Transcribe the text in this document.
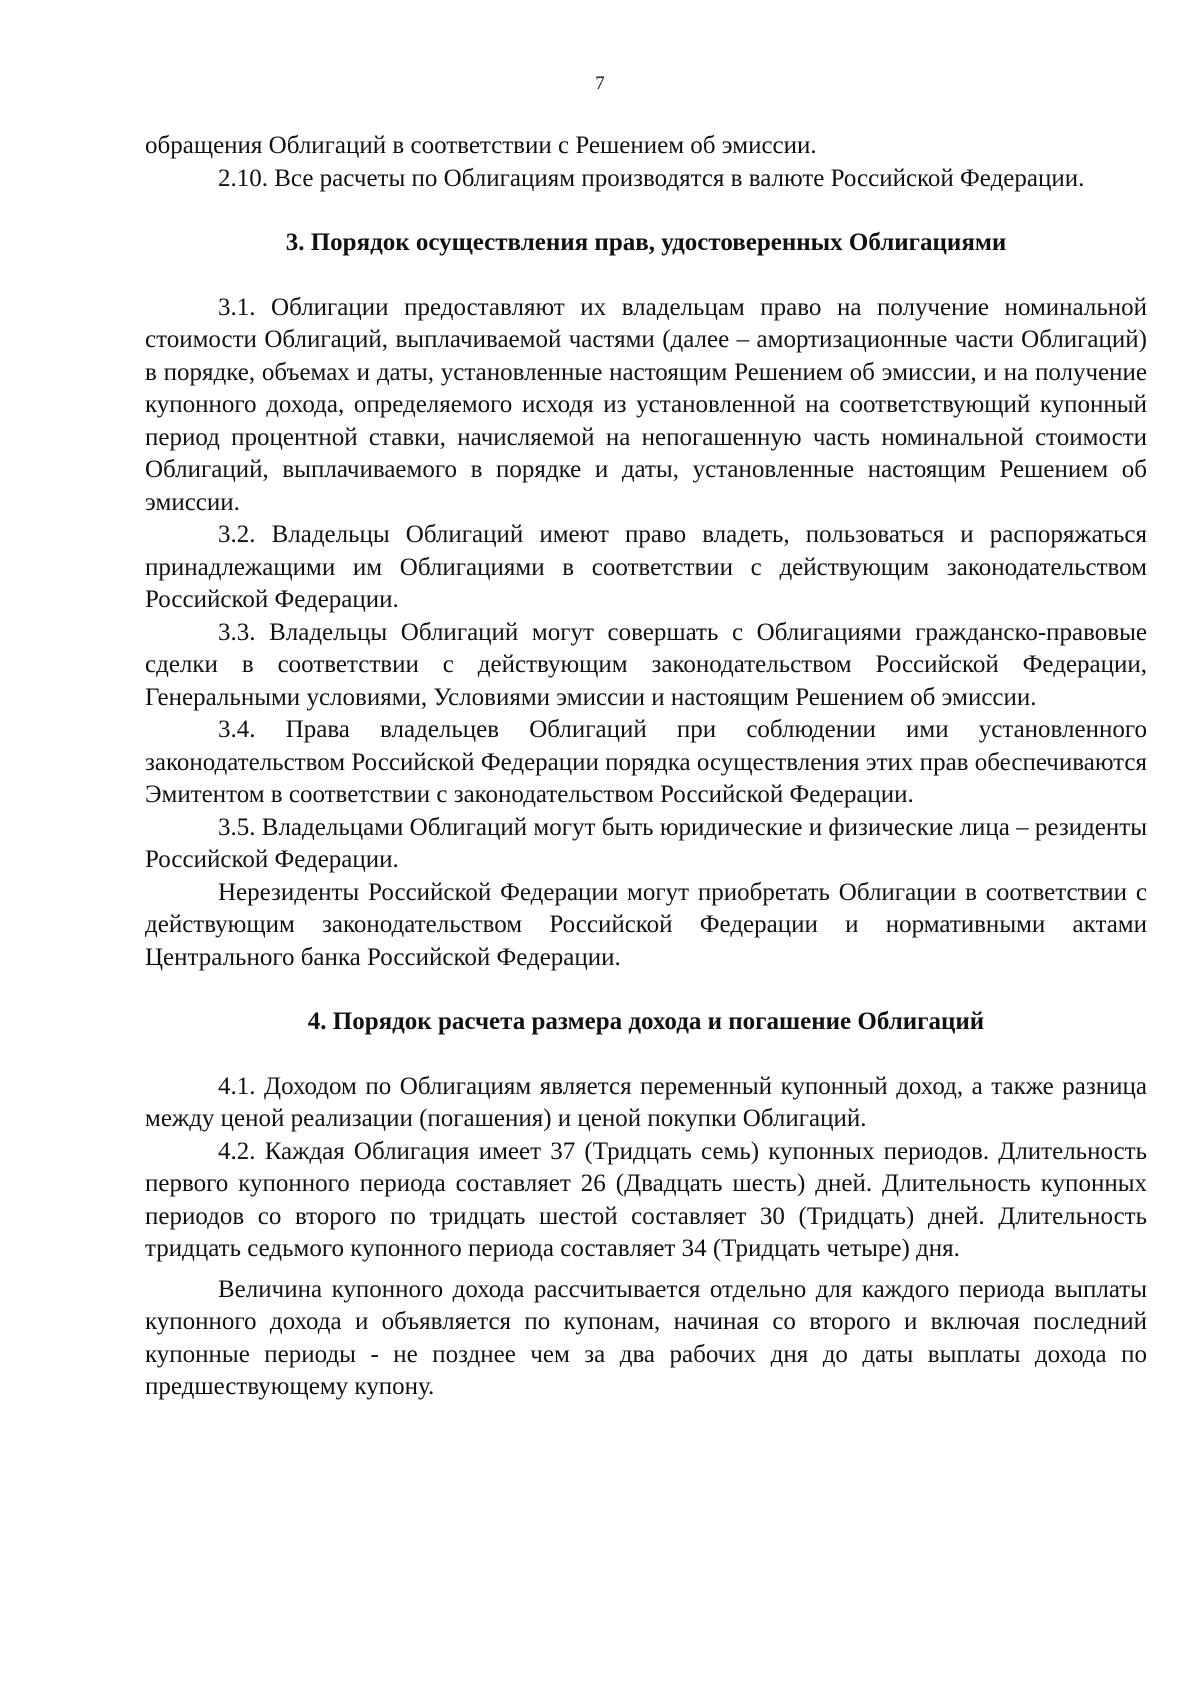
7

обращения Облигаций в соответствии с Решением об эмиссии.

2.10. Все расчеты по Облигациям производятся в валюте Российской Федерации.

3. Порядок осуществления прав, удостоверенных Облигациями

3.1. Облигации предоставляют их владельцам право на получение номинальной стоимости Облигаций, выплачиваемой частями (далее – амортизационные части Облигаций) в порядке, объемах и даты, установленные настоящим Решением об эмиссии, и на получение купонного дохода, определяемого исходя из установленной на соответствующий купонный период процентной ставки, начисляемой на непогашенную часть номинальной стоимости Облигаций, выплачиваемого в порядке и даты, установленные настоящим Решением об эмиссии.

3.2. Владельцы Облигаций имеют право владеть, пользоваться и распоряжаться принадлежащими им Облигациями в соответствии с действующим законодательством Российской Федерации.

3.3. Владельцы Облигаций могут совершать с Облигациями гражданско-правовые сделки в соответствии с действующим законодательством Российской Федерации, Генеральными условиями, Условиями эмиссии и настоящим Решением об эмиссии.

3.4. Права владельцев Облигаций при соблюдении ими установленного законодательством Российской Федерации порядка осуществления этих прав обеспечиваются Эмитентом в соответствии с законодательством Российской Федерации.

3.5. Владельцами Облигаций могут быть юридические и физические лица – резиденты Российской Федерации.

Нерезиденты Российской Федерации могут приобретать Облигации в соответствии с действующим законодательством Российской Федерации и нормативными актами Центрального банка Российской Федерации.

4. Порядок расчета размера дохода и погашение Облигаций

4.1. Доходом по Облигациям является переменный купонный доход, а также разница между ценой реализации (погашения) и ценой покупки Облигаций.

4.2. Каждая Облигация имеет 37 (Тридцать семь) купонных периодов. Длительность первого купонного периода составляет 26 (Двадцать шесть) дней. Длительность купонных периодов со второго по тридцать шестой составляет 30 (Тридцать) дней. Длительность тридцать седьмого купонного периода составляет 34 (Тридцать четыре) дня.

Величина купонного дохода рассчитывается отдельно для каждого периода выплаты купонного дохода и объявляется по купонам, начиная со второго и включая последний купонные периоды - не позднее чем за два рабочих дня до даты выплаты дохода по предшествующему купону.
